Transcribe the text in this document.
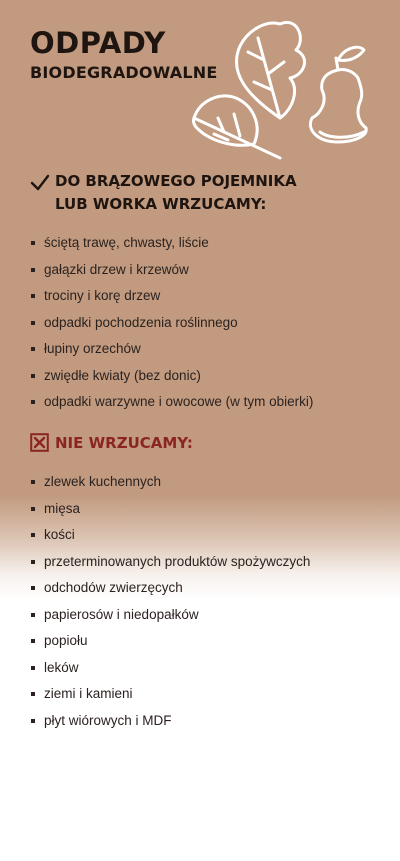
ODPADY
BIODEGRADOWALNE
DO BRĄZOWEGO POJEMNIKA
LUB WORKA WRZUCAMY:
ściętą trawę, chwasty, liście
gałązki drzew i krzewów
trociny i korę drzew
odpadki pochodzenia roślinnego
łupiny orzechów
zwiędłe kwiaty (bez donic)
odpadki warzywne i owocowe (w tym obierki)
NIE WRZUCAMY:
zlewek kuchennych
mięsa
kości
przeterminowanych produktów spożywczych
odchodów zwierzęcych
papierosów i niedopałków
popiołu
leków
ziemi i kamieni
płyt wiórowych i MDF
